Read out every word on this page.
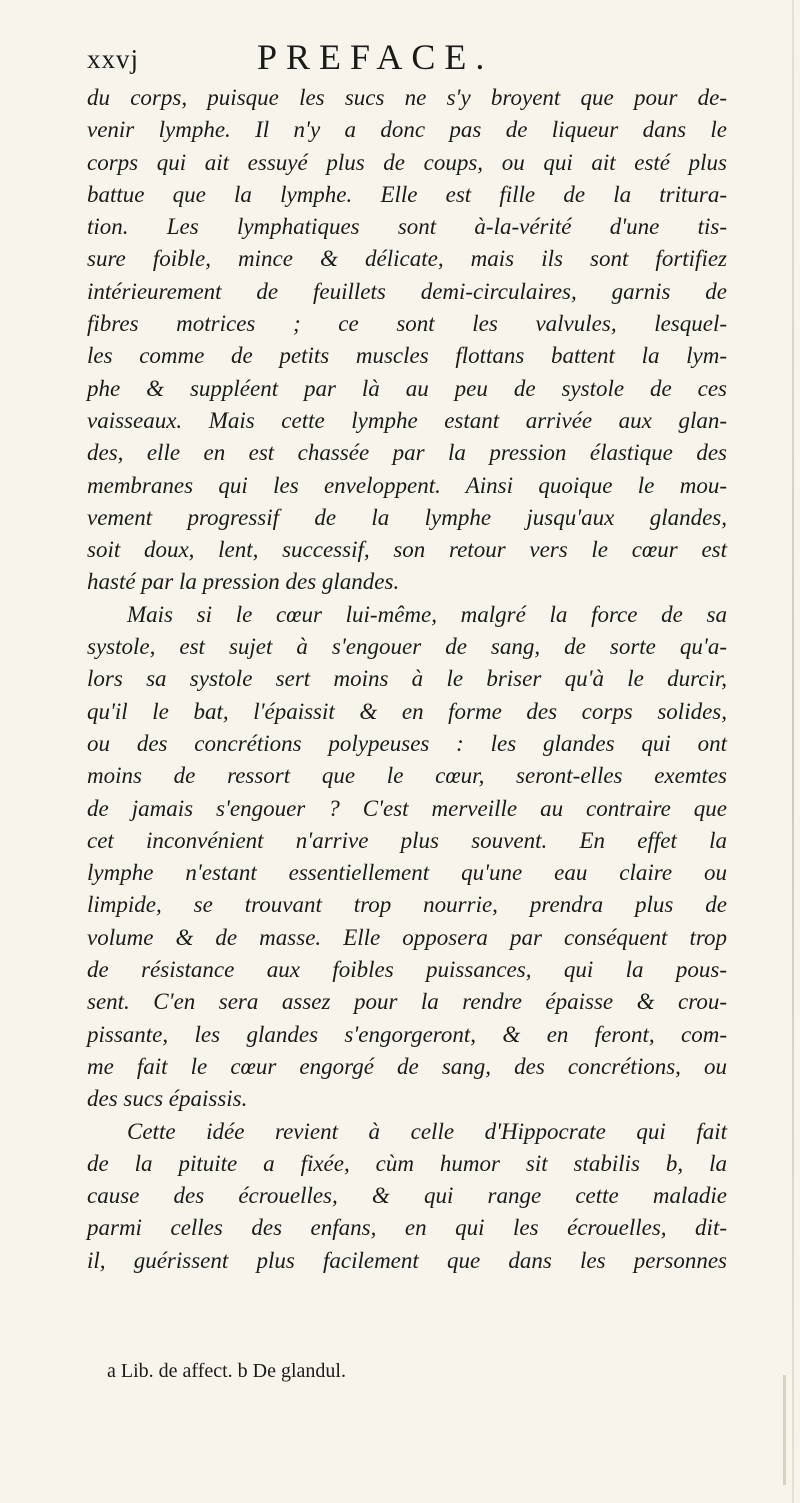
xxvj	PREFACE.
du corps, puisque les sucs ne s'y broyent que pour de-
venir lymphe. Il n'y a donc pas de liqueur dans le
corps qui ait essuyé plus de coups, ou qui ait esté plus
battue que la lymphe. Elle est fille de la tritura-
tion. Les lymphatiques sont à-la-vérité d'une tis-
sure foible, mince & délicate, mais ils sont fortifiez
intérieurement de feuillets demi-circulaires, garnis de
fibres motrices ; ce sont les valvules, lesquel-
les comme de petits muscles flottans battent la lym-
phe & suppléent par là au peu de systole de ces
vaisseaux. Mais cette lymphe estant arrivée aux glan-
des, elle en est chassée par la pression élastique des
membranes qui les enveloppent. Ainsi quoique le mou-
vement progressif de la lymphe jusqu'aux glandes,
soit doux, lent, successif, son retour vers le cœur est
hasté par la pression des glandes.
Mais si le cœur lui-même, malgré la force de sa
systole, est sujet à s'engouer de sang, de sorte qu'a-
lors sa systole sert moins à le briser qu'à le durcir,
qu'il le bat, l'épaissit & en forme des corps solides,
ou des concrétions polypeuses : les glandes qui ont
moins de ressort que le cœur, seront-elles exemtes
de jamais s'engouer ? C'est merveille au contraire que
cet inconvénient n'arrive plus souvent. En effet la
lymphe n'estant essentiellement qu'une eau claire ou
limpide, se trouvant trop nourrie, prendra plus de
volume & de masse. Elle opposera par conséquent trop
de résistance aux foibles puissances, qui la pous-
sent. C'en sera assez pour la rendre épaisse & crou-
pissante, les glandes s'engorgeront, & en feront, com-
me fait le cœur engorgé de sang, des concrétions, ou
des sucs épaissis.
Cette idée revient à celle d'Hippocrate qui fait
de la pituite a fixée, cùm humor sit stabilis b, la
cause des écrouelles, & qui range cette maladie
parmi celles des enfans, en qui les écrouelles, dit-
il, guérissent plus facilement que dans les personnes
a Lib. de affect. b De glandul.
